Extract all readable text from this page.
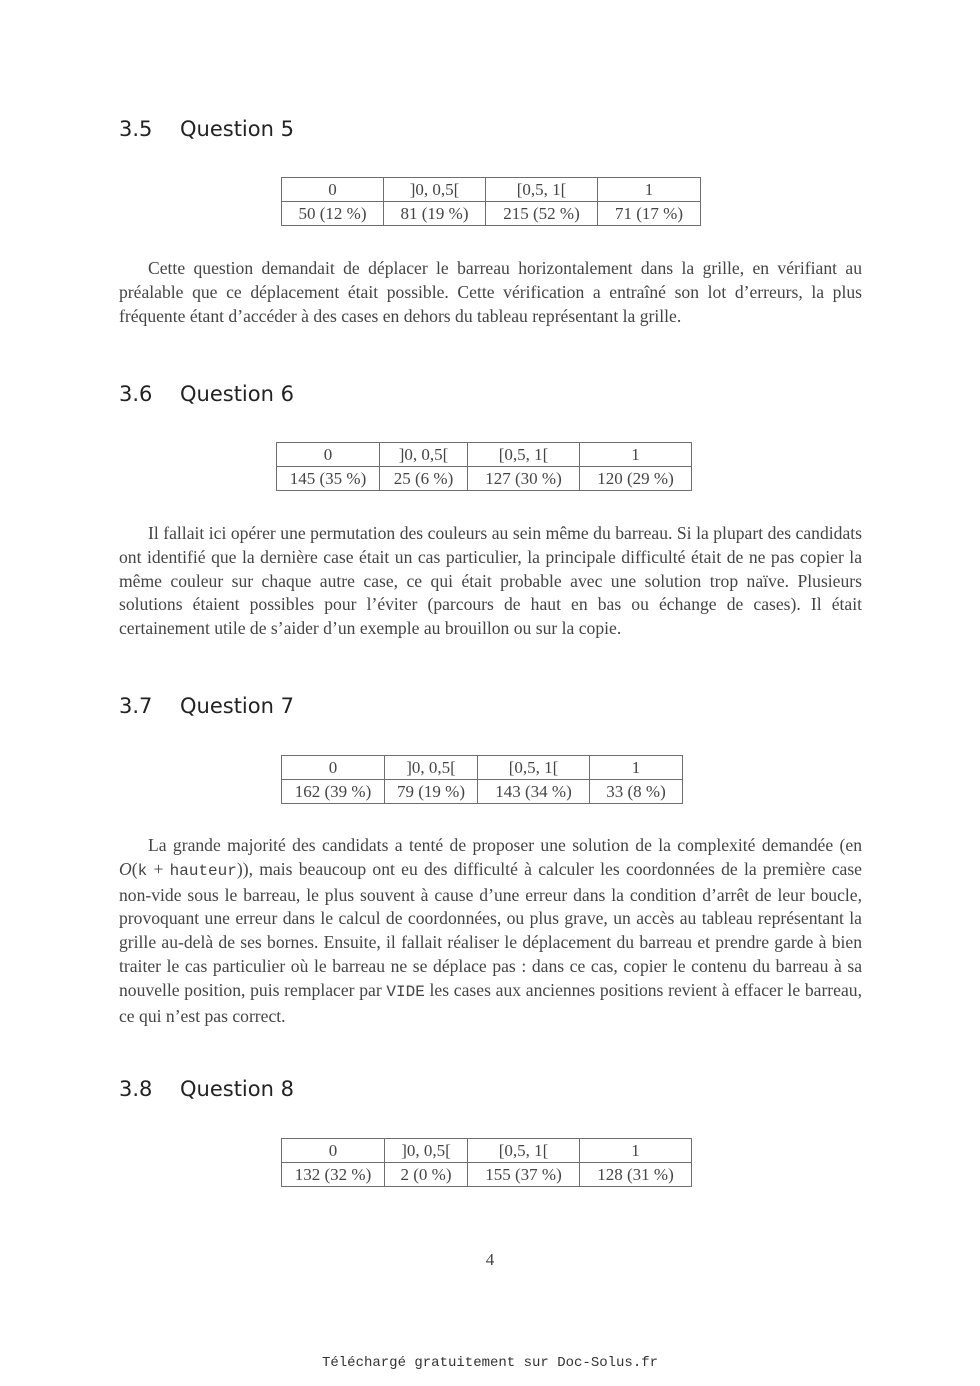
3.5 Question 5
0	]0, 0,5[	[0,5, 1[	1
50 (12 %)	81 (19 %)	215 (52 %)	71 (17 %)

Cette question demandait de déplacer le barreau horizontalement dans la grille, en vérifiant au préalable que ce déplacement était possible. Cette vérification a entraîné son lot d’erreurs, la plus fréquente étant d’accéder à des cases en dehors du tableau représentant la grille.

3.6 Question 6
0	]0, 0,5[	[0,5, 1[	1
145 (35 %)	25 (6 %)	127 (30 %)	120 (29 %)

Il fallait ici opérer une permutation des couleurs au sein même du barreau. Si la plupart des candidats ont identifié que la dernière case était un cas particulier, la principale difficulté était de ne pas copier la même couleur sur chaque autre case, ce qui était probable avec une solution trop naïve. Plusieurs solutions étaient possibles pour l’éviter (parcours de haut en bas ou échange de cases). Il était certainement utile de s’aider d’un exemple au brouillon ou sur la copie.

3.7 Question 7
0	]0, 0,5[	[0,5, 1[	1
162 (39 %)	79 (19 %)	143 (34 %)	33 (8 %)

La grande majorité des candidats a tenté de proposer une solution de la complexité demandée (en O(k + hauteur)), mais beaucoup ont eu des difficulté à calculer les coordonnées de la première case non-vide sous le barreau, le plus souvent à cause d’une erreur dans la condition d’arrêt de leur boucle, provoquant une erreur dans le calcul de coordonnées, ou plus grave, un accès au tableau représentant la grille au-delà de ses bornes. Ensuite, il fallait réaliser le déplacement du barreau et prendre garde à bien traiter le cas particulier où le barreau ne se déplace pas : dans ce cas, copier le contenu du barreau à sa nouvelle position, puis remplacer par VIDE les cases aux anciennes positions revient à effacer le barreau, ce qui n’est pas correct.

3.8 Question 8
0	]0, 0,5[	[0,5, 1[	1
132 (32 %)	2 (0 %)	155 (37 %)	128 (31 %)
4
Téléchargé gratuitement sur Doc-Solus.fr
